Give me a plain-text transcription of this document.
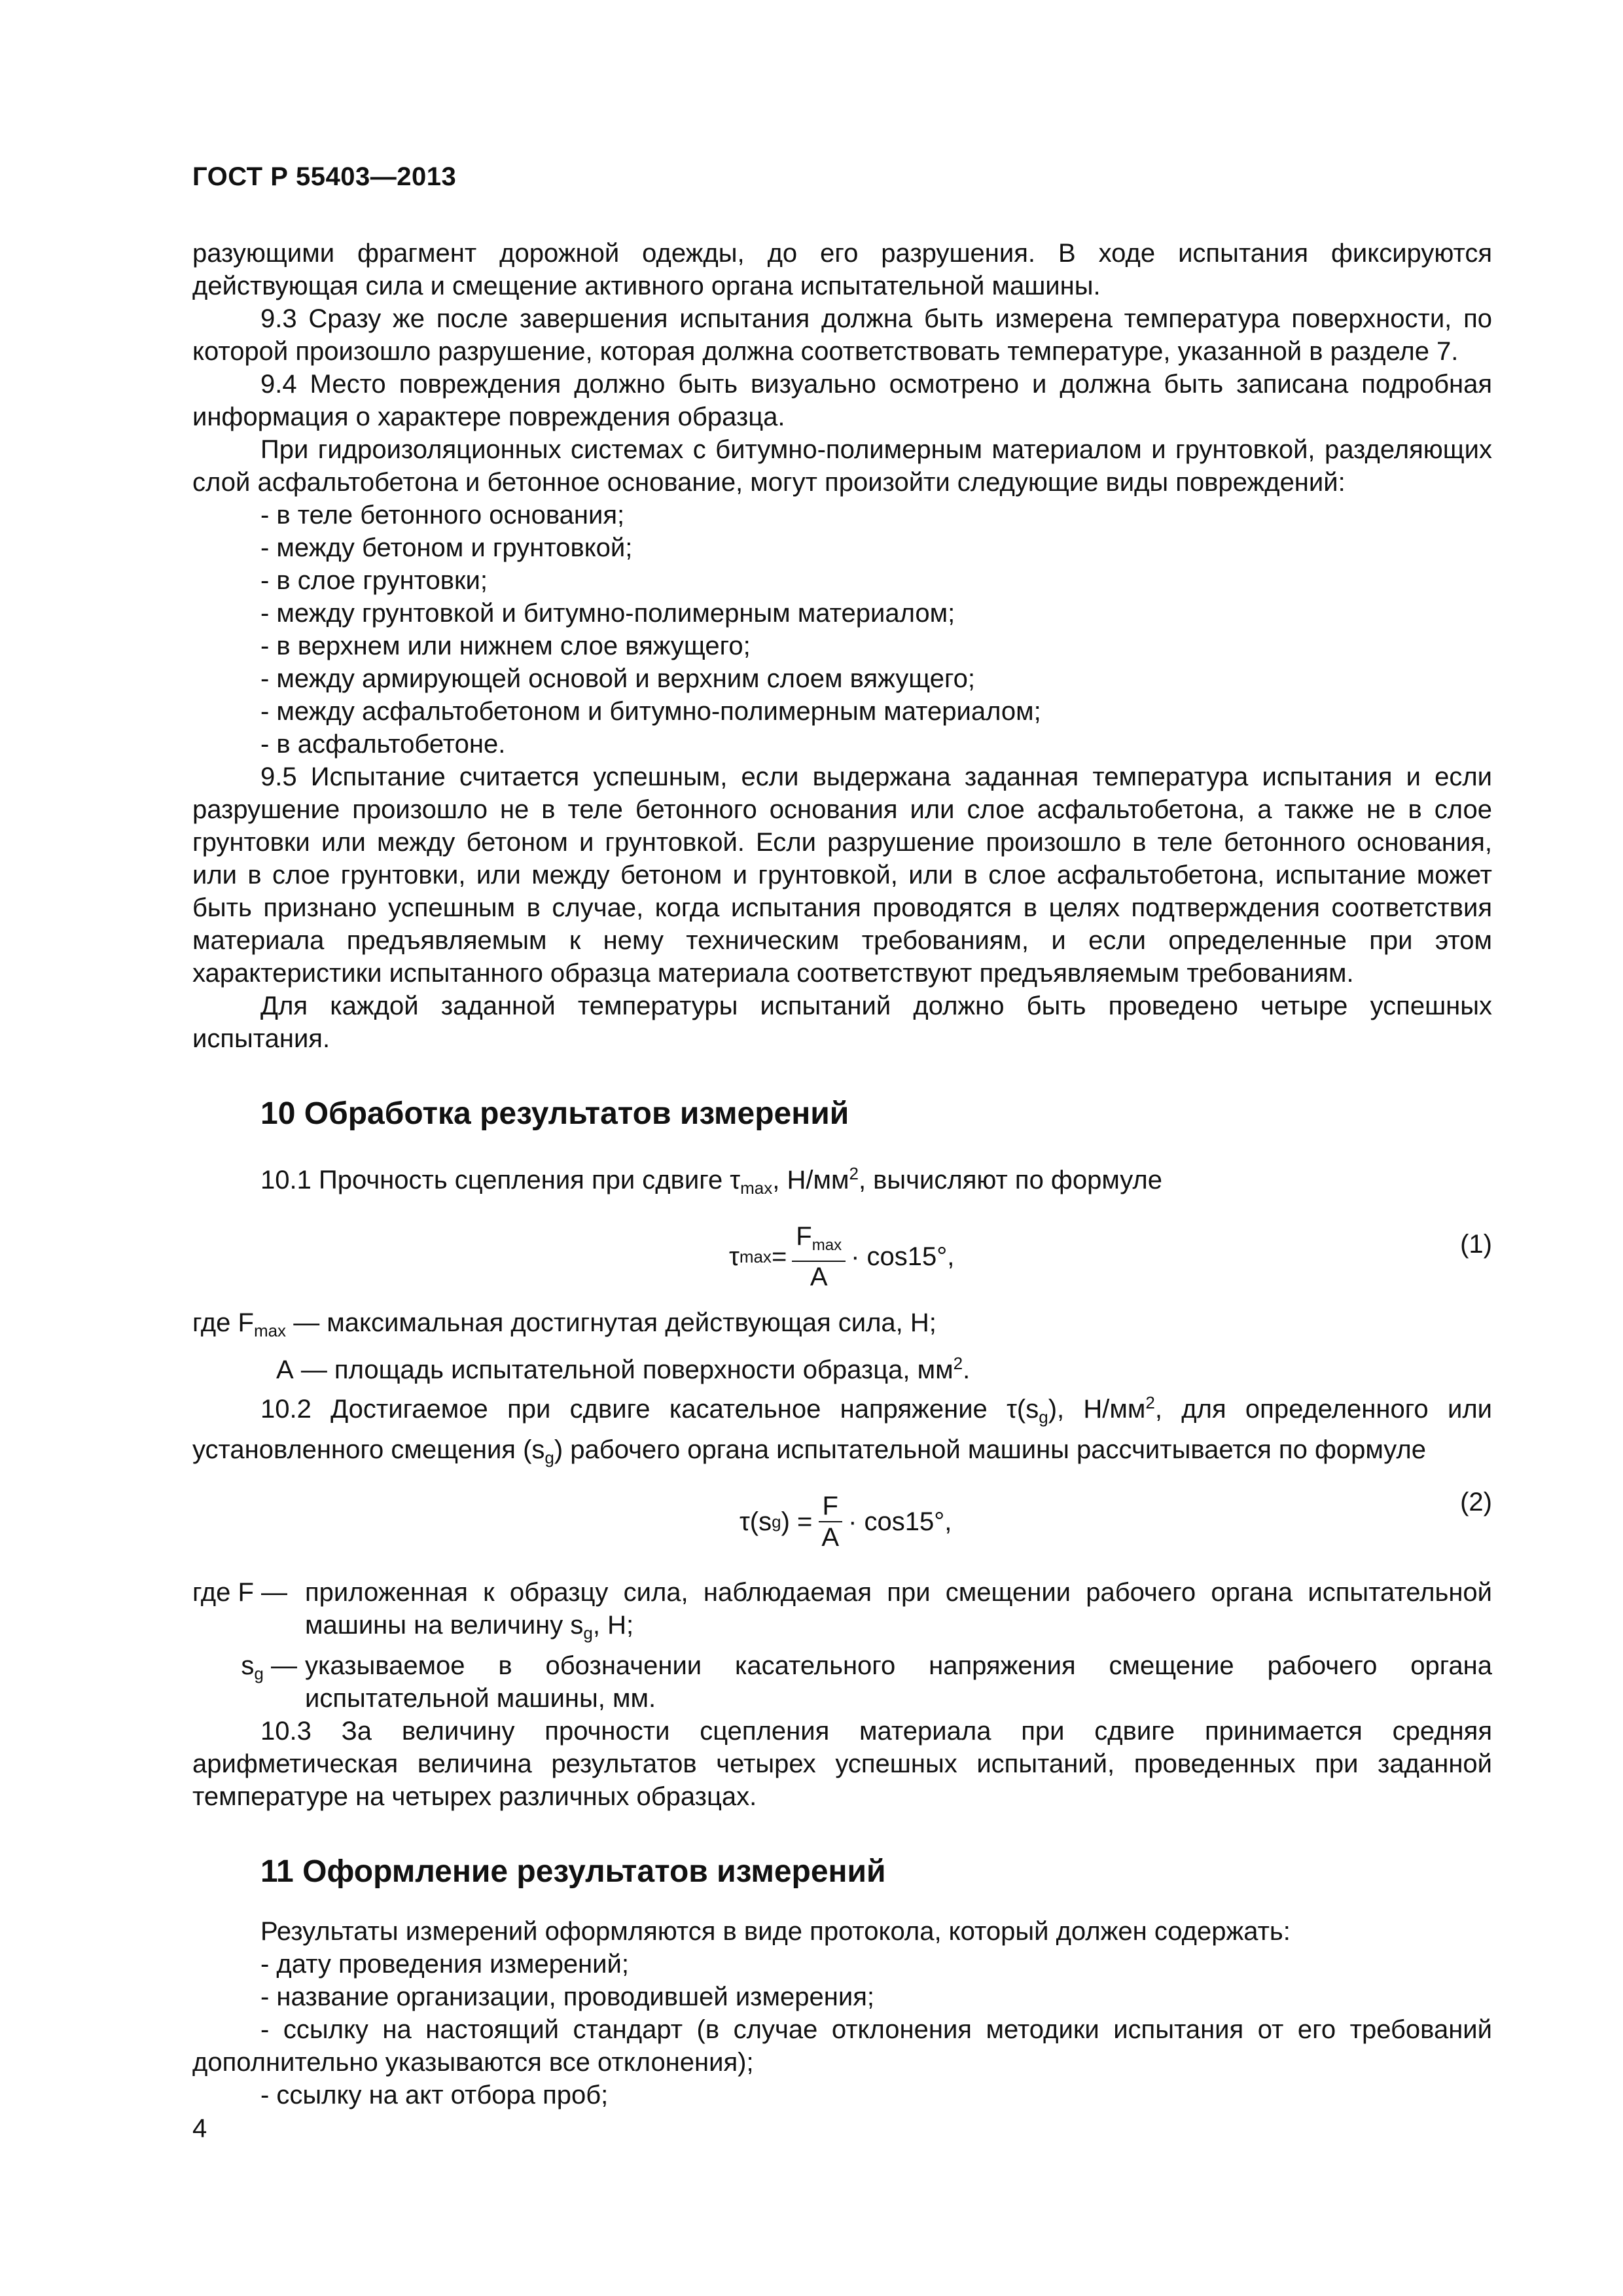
ГОСТ Р 55403—2013

разующими фрагмент дорожной одежды, до его разрушения. В ходе испытания фиксируются действующая сила и смещение активного органа испытательной машины.

9.3 Сразу же после завершения испытания должна быть измерена температура поверхности, по которой произошло разрушение, которая должна соответствовать температуре, указанной в разделе 7.

9.4 Место повреждения должно быть визуально осмотрено и должна быть записана подробная информация о характере повреждения образца.

При гидроизоляционных системах с битумно-полимерным материалом и грунтовкой, разделяющих слой асфальтобетона и бетонное основание, могут произойти следующие виды повреждений:

- в теле бетонного основания;
- между бетоном и грунтовкой;
- в слое грунтовки;
- между грунтовкой и битумно-полимерным материалом;
- в верхнем или нижнем слое вяжущего;
- между армирующей основой и верхним слоем вяжущего;
- между асфальтобетоном и битумно-полимерным материалом;
- в асфальтобетоне.

9.5 Испытание считается успешным, если выдержана заданная температура испытания и если разрушение произошло не в теле бетонного основания или слое асфальтобетона, а также не в слое грунтовки или между бетоном и грунтовкой. Если разрушение произошло в теле бетонного основания, или в слое грунтовки, или между бетоном и грунтовкой, или в слое асфальтобетона, испытание может быть признано успешным в случае, когда испытания проводятся в целях подтверждения соответствия материала предъявляемым к нему техническим требованиям, и если определенные при этом характеристики испытанного образца материала соответствуют предъявляемым требованиям.

Для каждой заданной температуры испытаний должно быть проведено четыре успешных испытания.

10 Обработка результатов измерений

10.1 Прочность сцепления при сдвиге $\tau_{max}$, $Н/мм^2$, вычисляют по формуле

τ $\max = \frac{F_{max}}{A} \cdot \cos 15^\circ$,	(1)

где $F_{max}$ — максимальная достигнутая действующая сила, Н;

А — площадь испытательной поверхности образца, $мм^2$.

10.2 Достигаемое при сдвиге касательное напряжение $\tau(s_g)$, $Н/мм^2$, для определенного или установленного смещения $(s_g)$ рабочего органа испытательной машины рассчитывается по формуле

τ(s g ) = $\frac{F}{A} \cdot \cos 15^\circ$,
(2)
где F — приложенная к образцу сила, наблюдаемая при смещении рабочего органа испытательной машины на величину $s_g$, Н;
$s_g$ — указываемое в обозначении касательного напряжения смещение рабочего органа испытательной машины, мм.

10.3 За величину прочности сцепления материала при сдвиге принимается средняя арифметическая величина результатов четырех успешных испытаний, проведенных при заданной температуре на четырех различных образцах.

11 Оформление результатов измерений

Результаты измерений оформляются в виде протокола, который должен содержать:

- дату проведения измерений;

- название организации, проводившей измерения;

- ссылку на настоящий стандарт (в случае отклонения методики испытания от его требований дополнительно указываются все отклонения);

- ссылку на акт отбора проб;

4
